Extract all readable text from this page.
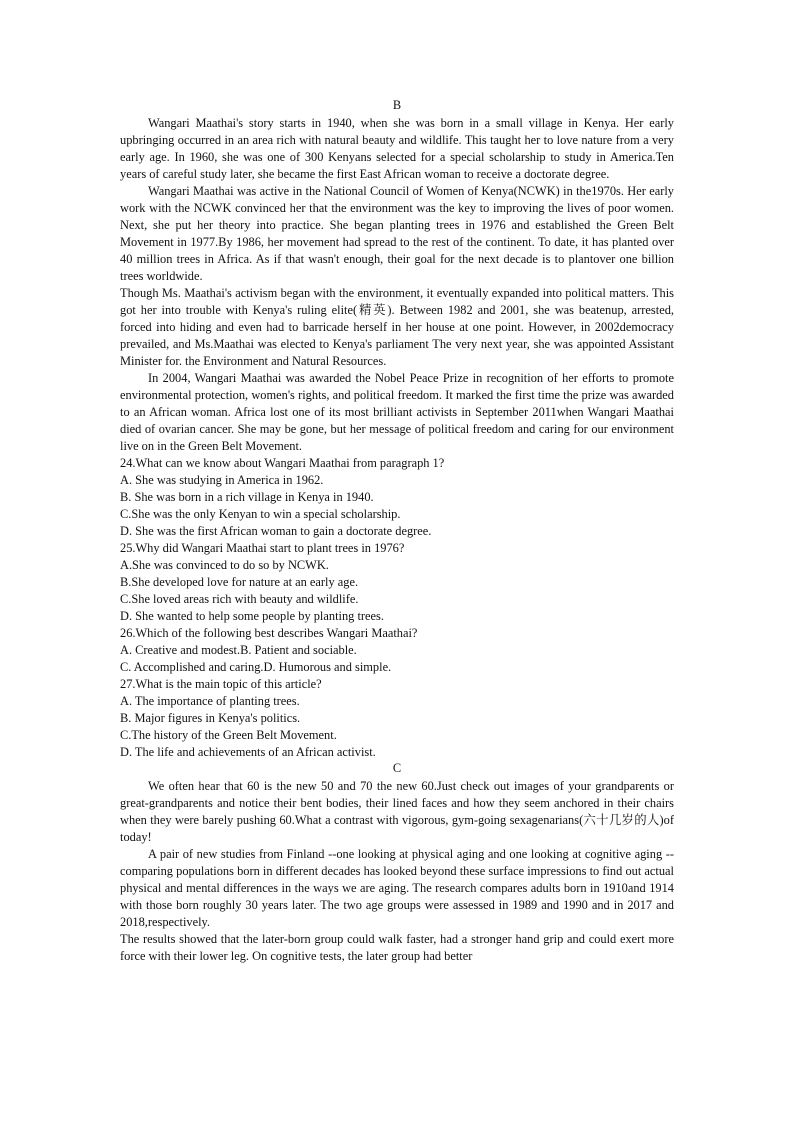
B

Wangari Maathai's story starts in 1940, when she was born in a small village in Kenya. Her early upbringing occurred in an area rich with natural beauty and wildlife. This taught her to love nature from a very early age. In 1960, she was one of 300 Kenyans selected for a special scholarship to study in America.Ten years of careful study later, she became the first East African woman to receive a doctorate degree.

Wangari Maathai was active in the National Council of Women of Kenya(NCWK) in the1970s. Her early work with the NCWK convinced her that the environment was the key to improving the lives of poor women. Next, she put her theory into practice. She began planting trees in 1976 and established the Green Belt Movement in 1977.By 1986, her movement had spread to the rest of the continent. To date, it has planted over 40 million trees in Africa. As if that wasn't enough, their goal for the next decade is to plantover one billion trees worldwide.

Though Ms. Maathai's activism began with the environment, it eventually expanded into political matters. This got her into trouble with Kenya's ruling elite(精英). Between 1982 and 2001, she was beatenup, arrested, forced into hiding and even had to barricade herself in her house at one point. However, in 2002democracy prevailed, and Ms.Maathai was elected to Kenya's parliament The very next year, she was appointed Assistant Minister for. the Environment and Natural Resources.

In 2004, Wangari Maathai was awarded the Nobel Peace Prize in recognition of her efforts to promote environmental protection, women's rights, and political freedom. It marked the first time the prize was awarded to an African woman. Africa lost one of its most brilliant activists in September 2011when Wangari Maathai died of ovarian cancer. She may be gone, but her message of political freedom and caring for our environment live on in the Green Belt Movement.

24.What can we know about Wangari Maathai from paragraph 1?

A. She was studying in America in 1962.

B. She was born in a rich village in Kenya in 1940.

C.She was the only Kenyan to win a special scholarship.

D. She was the first African woman to gain a doctorate degree.

25.Why did Wangari Maathai start to plant trees in 1976?

A.She was convinced to do so by NCWK.

B.She developed love for nature at an early age.

C.She loved areas rich with beauty and wildlife.

D. She wanted to help some people by planting trees.

26.Which of the following best describes Wangari Maathai?

A. Creative and modest.B. Patient and sociable.

C. Accomplished and caring.D. Humorous and simple.

27.What is the main topic of this article?

A. The importance of planting trees.

B. Major figures in Kenya's politics.

C.The history of the Green Belt Movement.

D. The life and achievements of an African activist.

C

We often hear that 60 is the new 50 and 70 the new 60.Just check out images of your grandparents or great-grandparents and notice their bent bodies, their lined faces and how they seem anchored in their chairs when they were barely pushing 60.What a contrast with vigorous, gym-going sexagenarians(六十几岁的人)of today!

A pair of new studies from Finland --one looking at physical aging and one looking at cognitive aging --comparing populations born in different decades has looked beyond these surface impressions to find out actual physical and mental differences in the ways we are aging. The research compares adults born in 1910and 1914 with those born roughly 30 years later. The two age groups were assessed in 1989 and 1990 and in 2017 and 2018,respectively.

The results showed that the later-born group could walk faster, had a stronger hand grip and could exert more force with their lower leg. On cognitive tests, the later group had better
